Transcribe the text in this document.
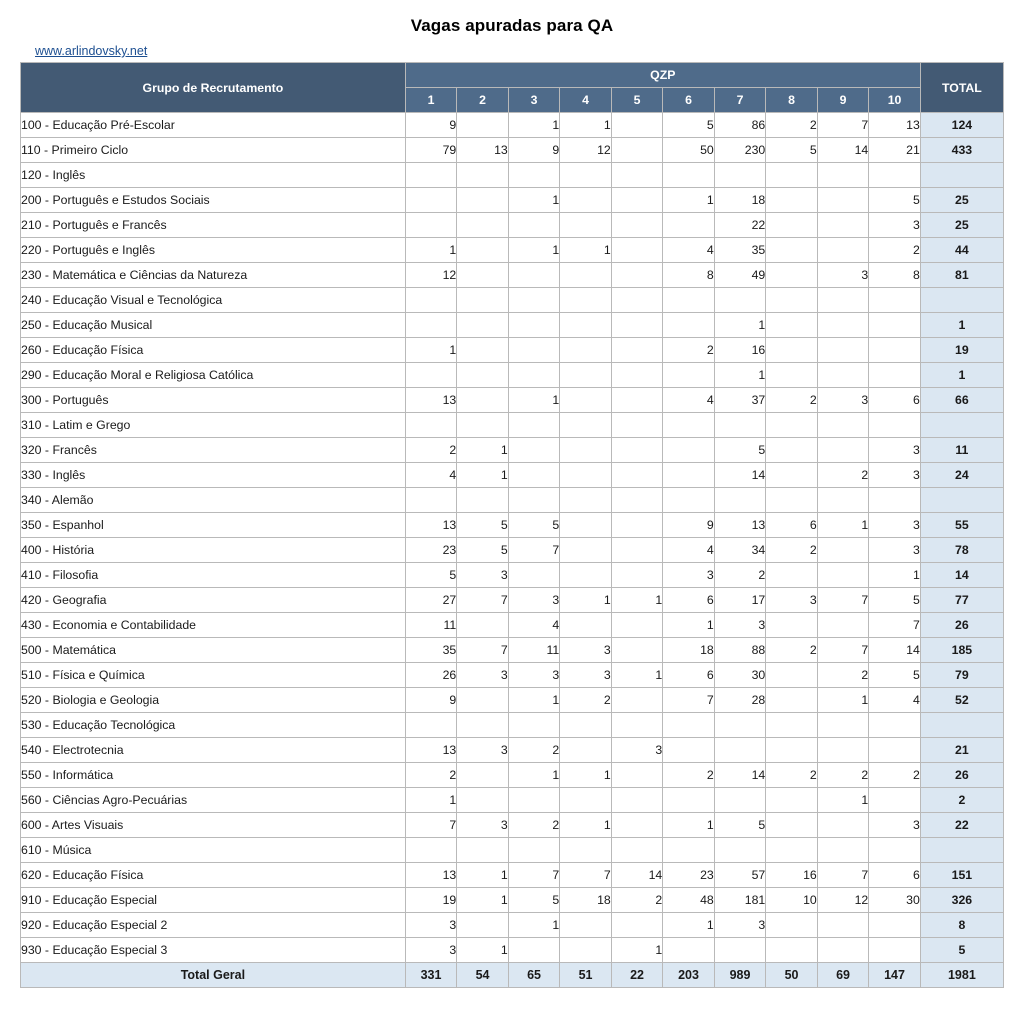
Vagas apuradas para QA
www.arlindovsky.net
Grupo de Recrutamento	QZP										TOTAL
	1	2	3	4	5	6	7	8	9	10	
100 - Educação Pré-Escolar	9		1	1		5	86	2	7	13	124
110 - Primeiro Ciclo	79	13	9	12		50	230	5	14	21	433
120 - Inglês											
200 - Português e Estudos Sociais			1			1	18			5	25
210 - Português e Francês							22			3	25
220 - Português e Inglês	1		1	1		4	35			2	44
230 - Matemática e Ciências da Natureza	12					8	49		3	8	81
240 - Educação Visual e Tecnológica											
250 - Educação Musical							1				1
260 - Educação Física	1					2	16				19
290 - Educação Moral e Religiosa Católica							1				1
300 - Português	13		1			4	37	2	3	6	66
310 - Latim e Grego											
320 - Francês	2	1					5			3	11
330 - Inglês	4	1					14		2	3	24
340 - Alemão											
350 - Espanhol	13	5	5			9	13	6	1	3	55
400 - História	23	5	7			4	34	2		3	78
410 - Filosofia	5	3				3	2			1	14
420 - Geografia	27	7	3	1	1	6	17	3	7	5	77
430 - Economia e Contabilidade	11		4			1	3			7	26
500 - Matemática	35	7	11	3		18	88	2	7	14	185
510 - Física e Química	26	3	3	3	1	6	30		2	5	79
520 - Biologia e Geologia	9		1	2		7	28		1	4	52
530 - Educação Tecnológica											
540 - Electrotecnia	13	3	2		3						21
550 - Informática	2		1	1		2	14	2	2	2	26
560 - Ciências Agro-Pecuárias	1								1		2
600 - Artes Visuais	7	3	2	1		1	5			3	22
610 - Música											
620 - Educação Física	13	1	7	7	14	23	57	16	7	6	151
910 - Educação Especial	19	1	5	18	2	48	181	10	12	30	326
920 - Educação Especial 2	3		1			1	3				8
930 - Educação Especial 3	3	1			1						5
Total Geral	331	54	65	51	22	203	989	50	69	147	1981
